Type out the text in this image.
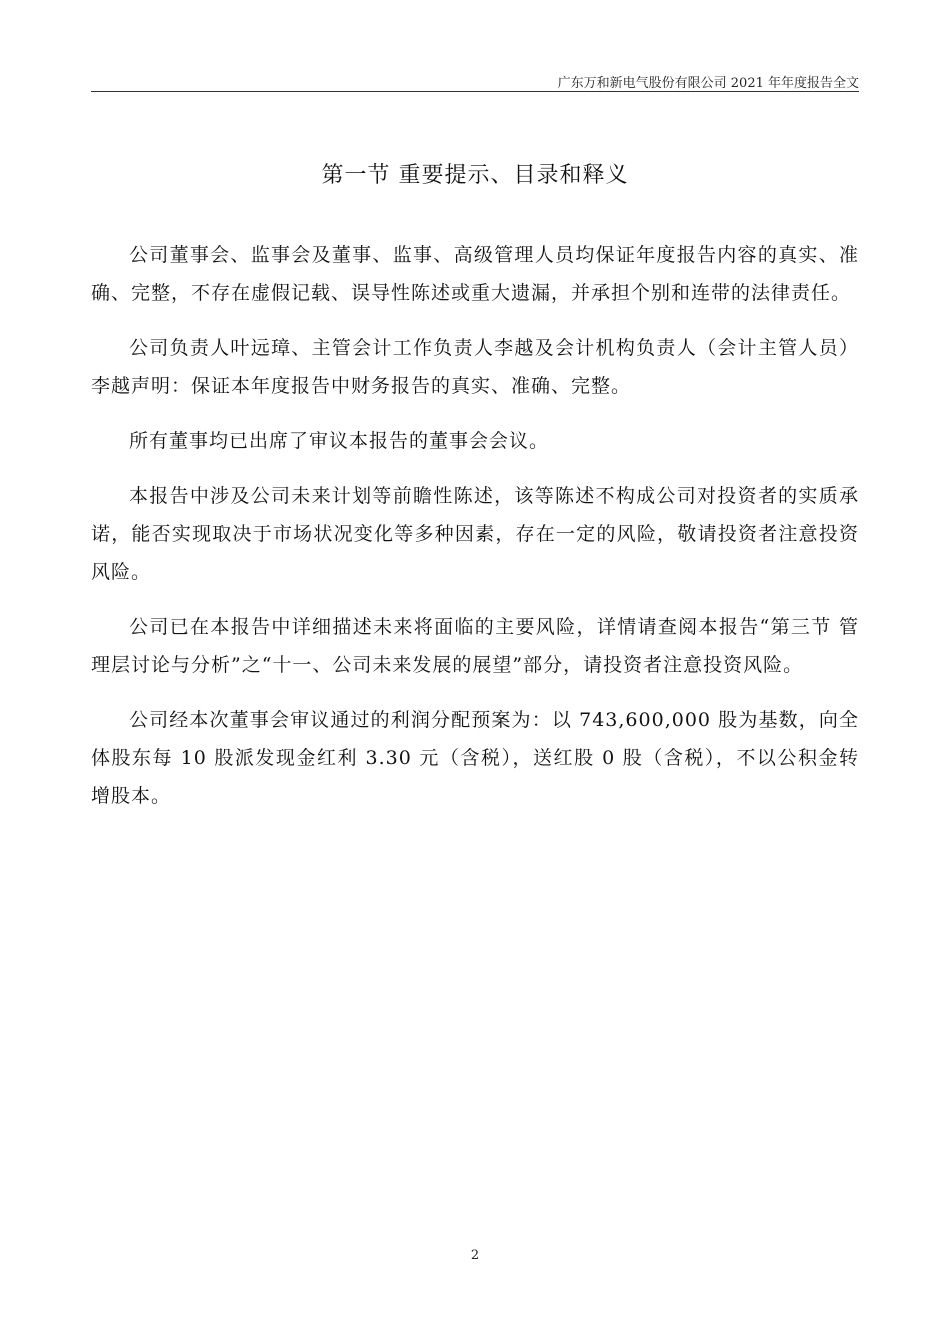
广东万和新电气股份有限公司 2021 年年度报告全文
第一节 重要提示、目录和释义

公司董事会、监事会及董事、监事、高级管理人员均保证年度报告内容的真实、准确、完整，不存在虚假记载、误导性陈述或重大遗漏，并承担个别和连带的法律责任。

公司负责人叶远璋、主管会计工作负责人李越及会计机构负责人（会计主管人员）李越声明：保证本年度报告中财务报告的真实、准确、完整。

所有董事均已出席了审议本报告的董事会会议。

本报告中涉及公司未来计划等前瞻性陈述，该等陈述不构成公司对投资者的实质承诺，能否实现取决于市场状况变化等多种因素，存在一定的风险，敬请投资者注意投资风险。

公司已在本报告中详细描述未来将面临的主要风险，详情请查阅本报告“第三节 管理层讨论与分析”之“十一、公司未来发展的展望”部分，请投资者注意投资风险。

公司经本次董事会审议通过的利润分配预案为：以 743,600,000 股为基数，向全体股东每 10 股派发现金红利 3.30 元（含税），送红股 0 股（含税），不以公积金转增股本。

2
